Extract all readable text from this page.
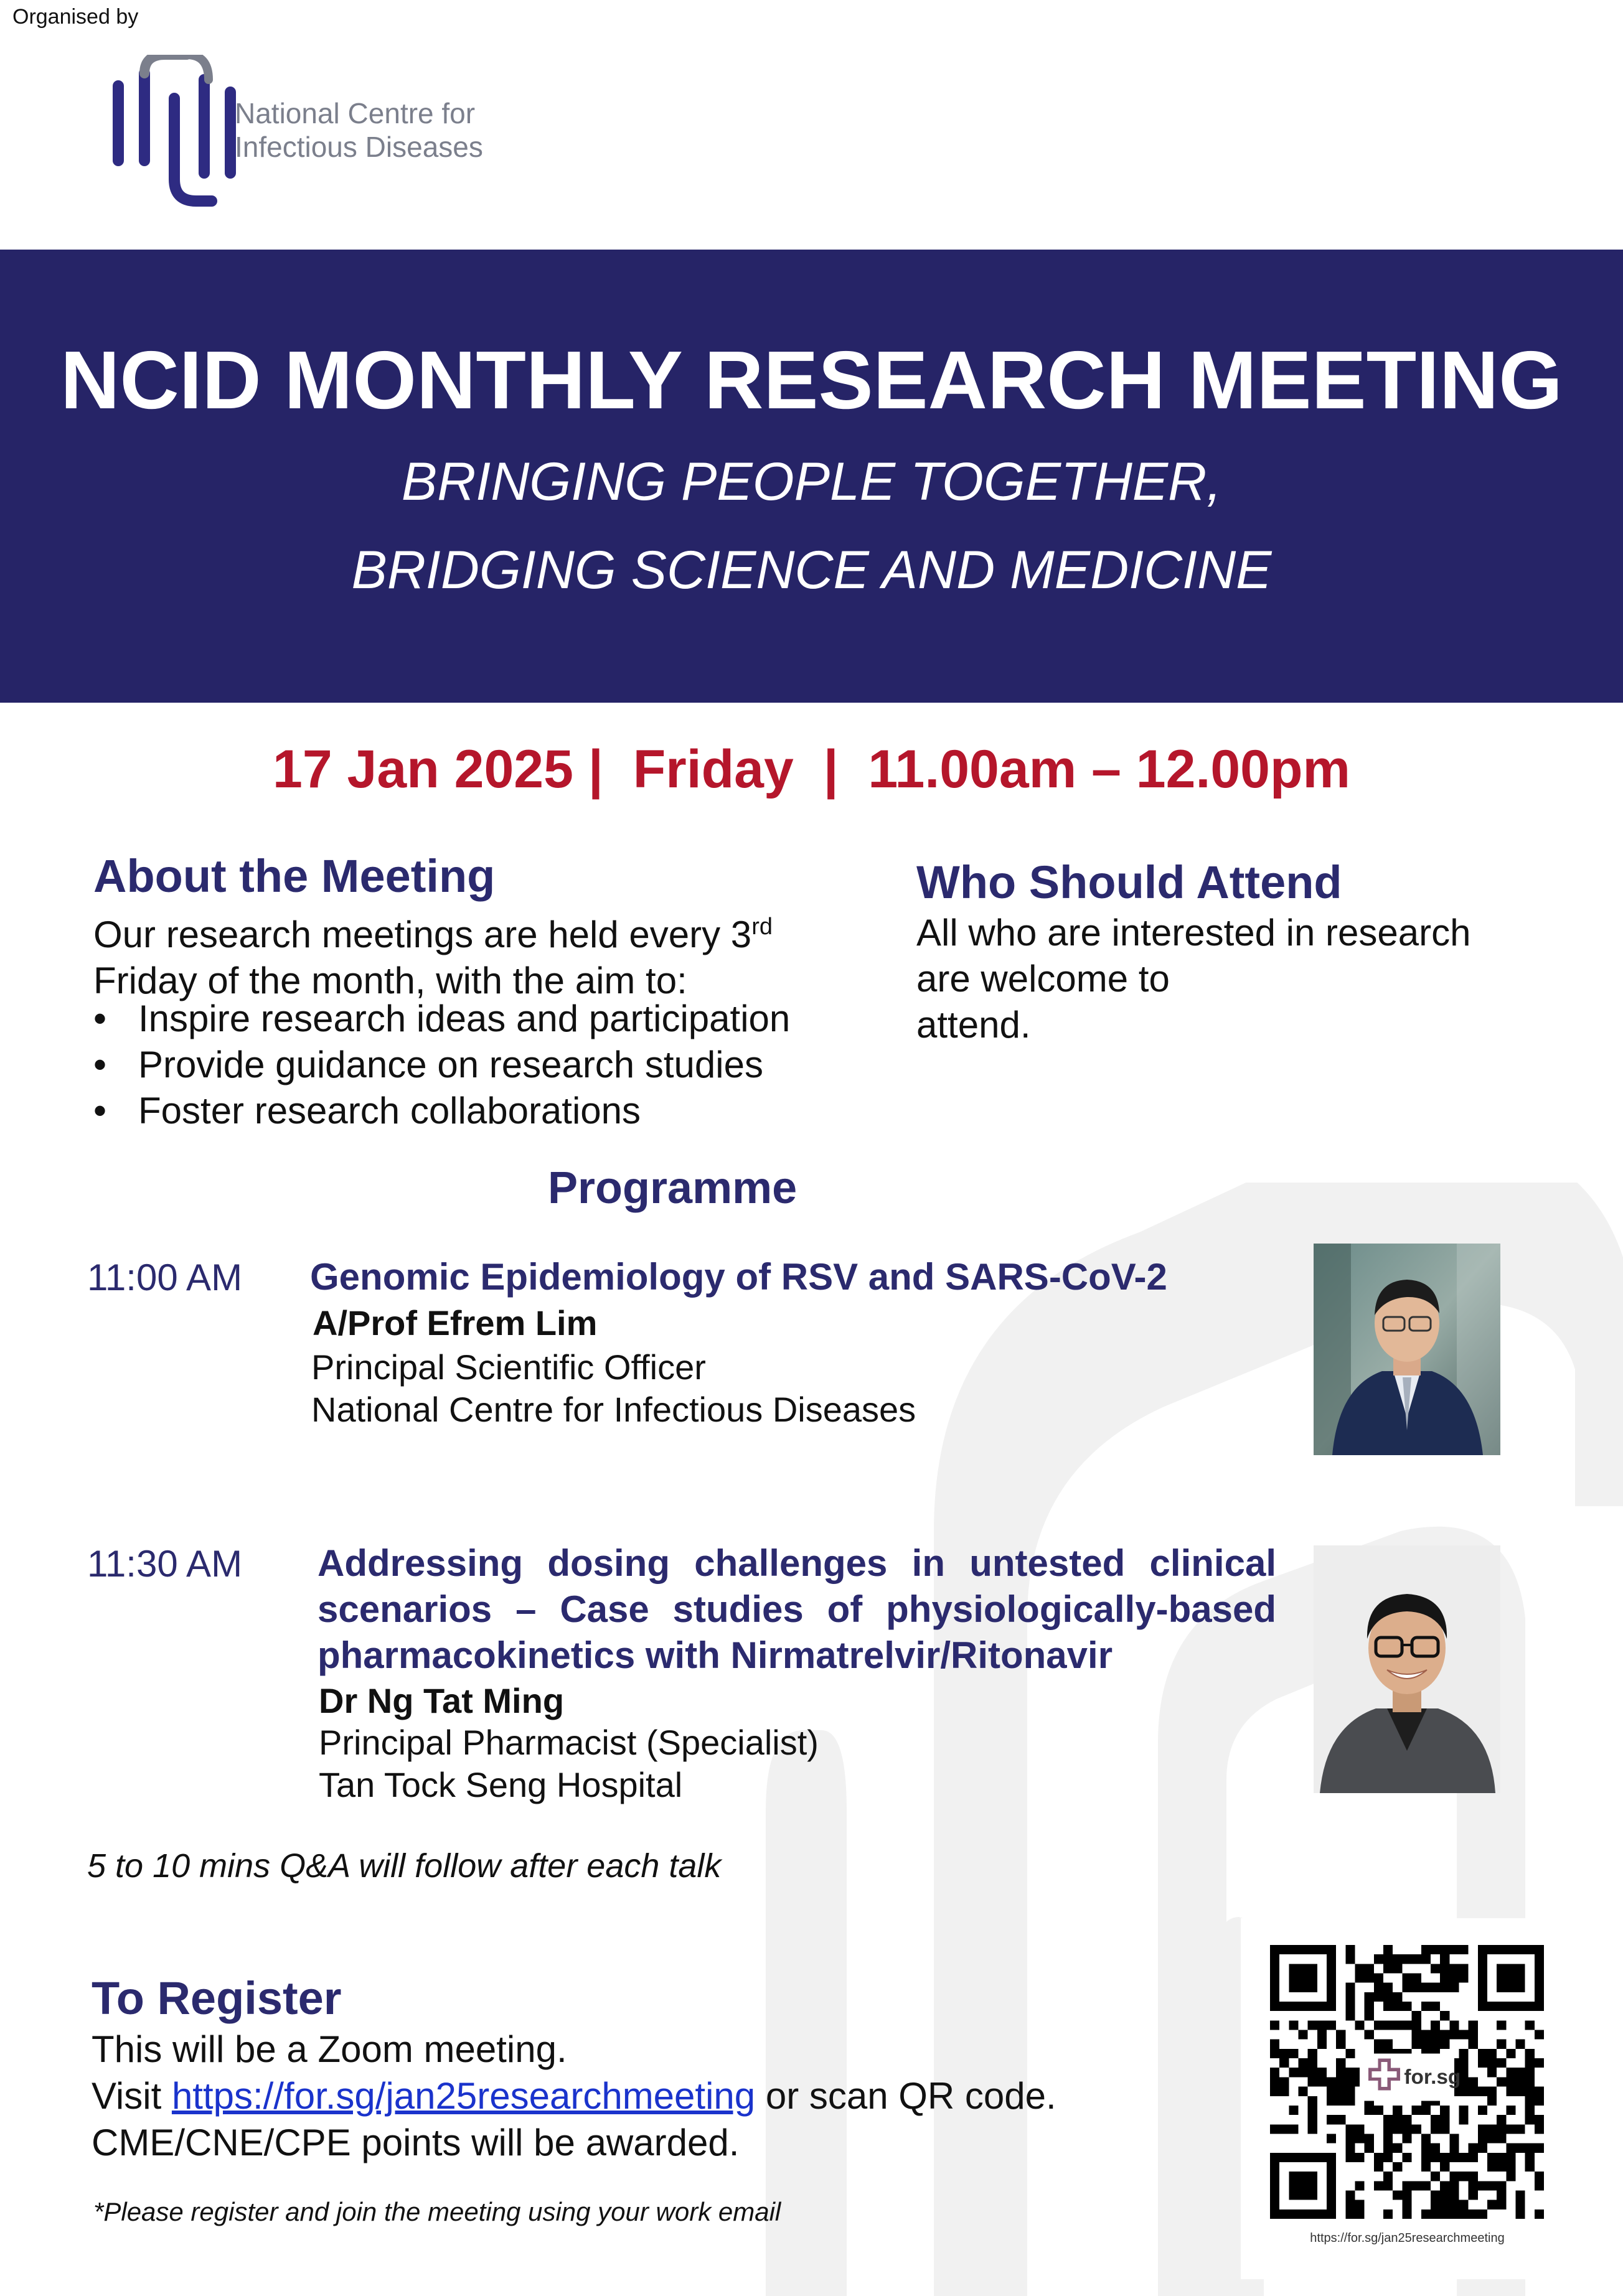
Organised by
National Centre for
Infectious Diseases
NCID MONTHLY RESEARCH MEETING
BRINGING PEOPLE TOGETHER,
BRIDGING SCIENCE AND MEDICINE
17 Jan 2025 |  Friday  |  11.00am – 12.00pm
About the Meeting
Our research meetings are held every 3rd
Friday of the month, with the aim to:
• Inspire research ideas and participation
• Provide guidance on research studies
• Foster research collaborations
Who Should Attend
All who are interested in research
are welcome to
attend.
Programme
11:00 AM Genomic Epidemiology of RSV and SARS-CoV-2
A/Prof Efrem Lim
Principal Scientific Officer
National Centre for Infectious Diseases
11:30 AM Addressing dosing challenges in untested clinical scenarios – Case studies of physiologically-based pharmacokinetics with Nirmatrelvir/Ritonavir
Dr Ng Tat Ming
Principal Pharmacist (Specialist)
Tan Tock Seng Hospital
5 to 10 mins Q&A will follow after each talk
To Register
This will be a Zoom meeting.
Visit https://for.sg/jan25researchmeeting or scan QR code.
CME/CNE/CPE points will be awarded.
*Please register and join the meeting using your work email
for.sg
https://for.sg/jan25researchmeeting
